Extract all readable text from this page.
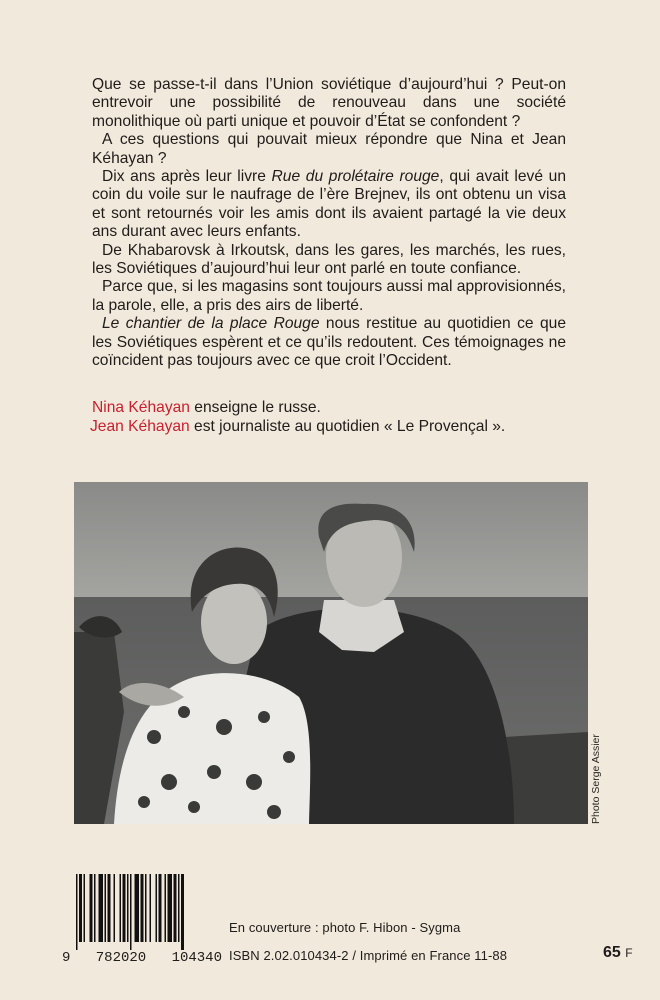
Que se passe-t-il dans l’Union soviétique d’aujourd’hui ? Peut-on entrevoir une possibilité de renouveau dans une société monolithique où parti unique et pouvoir d’État se confondent ?

A ces questions qui pouvait mieux répondre que Nina et Jean Kéhayan ?

Dix ans après leur livre Rue du prolétaire rouge, qui avait levé un coin du voile sur le naufrage de l’ère Brejnev, ils ont obtenu un visa et sont retournés voir les amis dont ils avaient partagé la vie deux ans durant avec leurs enfants.

De Khabarovsk à Irkoutsk, dans les gares, les marchés, les rues, les Soviétiques d’aujourd’hui leur ont parlé en toute confiance.

Parce que, si les magasins sont toujours aussi mal approvisionnés, la parole, elle, a pris des airs de liberté.

Le chantier de la place Rouge nous restitue au quotidien ce que les Soviétiques espèrent et ce qu’ils redoutent. Ces témoignages ne coïncident pas toujours avec ce que croit l’Occident.

Nina Kéhayan enseigne le russe.

Jean Kéhayan est journaliste au quotidien « Le Provençal ».

Photo Serge Assier
9 782020 104340
En couverture : photo F. Hibon - Sygma
ISBN 2.02.010434-2 / Imprimé en France 11-88	65 F
